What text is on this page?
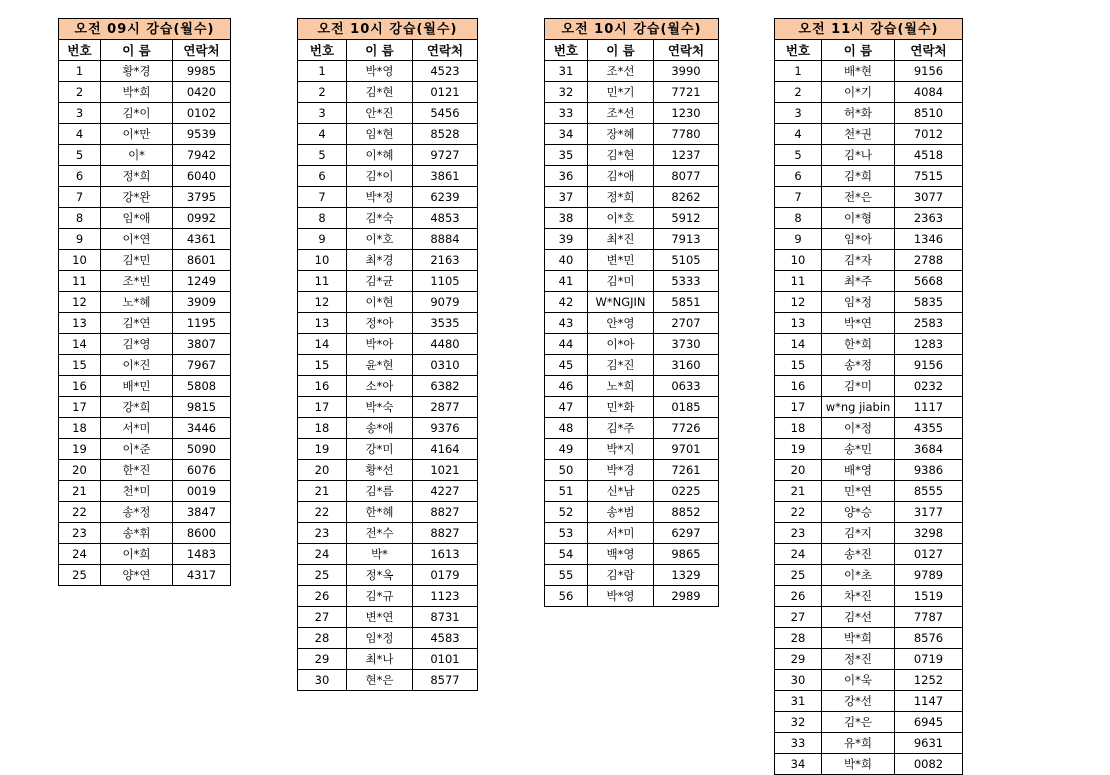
오전 09시 강습(월수)		
번호	이 름	연락처
1	황*경	9985
2	박*희	0420
3	김*이	0102
4	이*만	9539
5	이*	7942
6	정*희	6040
7	강*완	3795
8	임*애	0992
9	이*연	4361
10	김*민	8601
11	조*빈	1249
12	노*혜	3909
13	김*연	1195
14	김*영	3807
15	이*진	7967
16	배*민	5808
17	강*희	9815
18	서*미	3446
19	이*준	5090
20	한*진	6076
21	천*미	0019
22	송*정	3847
23	송*휘	8600
24	이*희	1483
25	양*연	4317
오전 10시 강습(월수)		
번호	이 름	연락처
1	박*영	4523
2	김*현	0121
3	안*진	5456
4	임*현	8528
5	이*혜	9727
6	김*이	3861
7	박*정	6239
8	김*숙	4853
9	이*호	8884
10	최*경	2163
11	김*균	1105
12	이*현	9079
13	정*아	3535
14	박*아	4480
15	윤*현	0310
16	소*아	6382
17	박*숙	2877
18	송*애	9376
19	강*미	4164
20	황*선	1021
21	김*름	4227
22	한*혜	8827
23	전*수	8827
24	박*	1613
25	정*옥	0179
26	김*규	1123
27	변*연	8731
28	임*정	4583
29	최*나	0101
30	현*은	8577
오전 10시 강습(월수)		
번호	이 름	연락처
31	조*선	3990
32	민*기	7721
33	조*선	1230
34	장*혜	7780
35	김*현	1237
36	김*애	8077
37	정*희	8262
38	이*호	5912
39	최*진	7913
40	변*민	5105
41	김*미	5333
42	W*NGJIN	5851
43	안*영	2707
44	이*아	3730
45	김*진	3160
46	노*희	0633
47	민*화	0185
48	김*주	7726
49	박*지	9701
50	박*경	7261
51	신*남	0225
52	송*범	8852
53	서*미	6297
54	백*영	9865
55	김*람	1329
56	박*영	2989
오전 11시 강습(월수)		
번호	이 름	연락처
1	배*현	9156
2	이*기	4084
3	허*화	8510
4	천*권	7012
5	김*나	4518
6	김*희	7515
7	전*은	3077
8	이*형	2363
9	임*아	1346
10	김*자	2788
11	최*주	5668
12	임*정	5835
13	박*연	2583
14	한*희	1283
15	송*정	9156
16	김*미	0232
17	w*ng jiabin	1117
18	이*정	4355
19	송*민	3684
20	배*영	9386
21	민*연	8555
22	양*승	3177
23	김*지	3298
24	송*진	0127
25	이*초	9789
26	차*진	1519
27	김*선	7787
28	박*희	8576
29	정*진	0719
30	이*욱	1252
31	강*선	1147
32	김*은	6945
33	유*희	9631
34	박*희	0082
